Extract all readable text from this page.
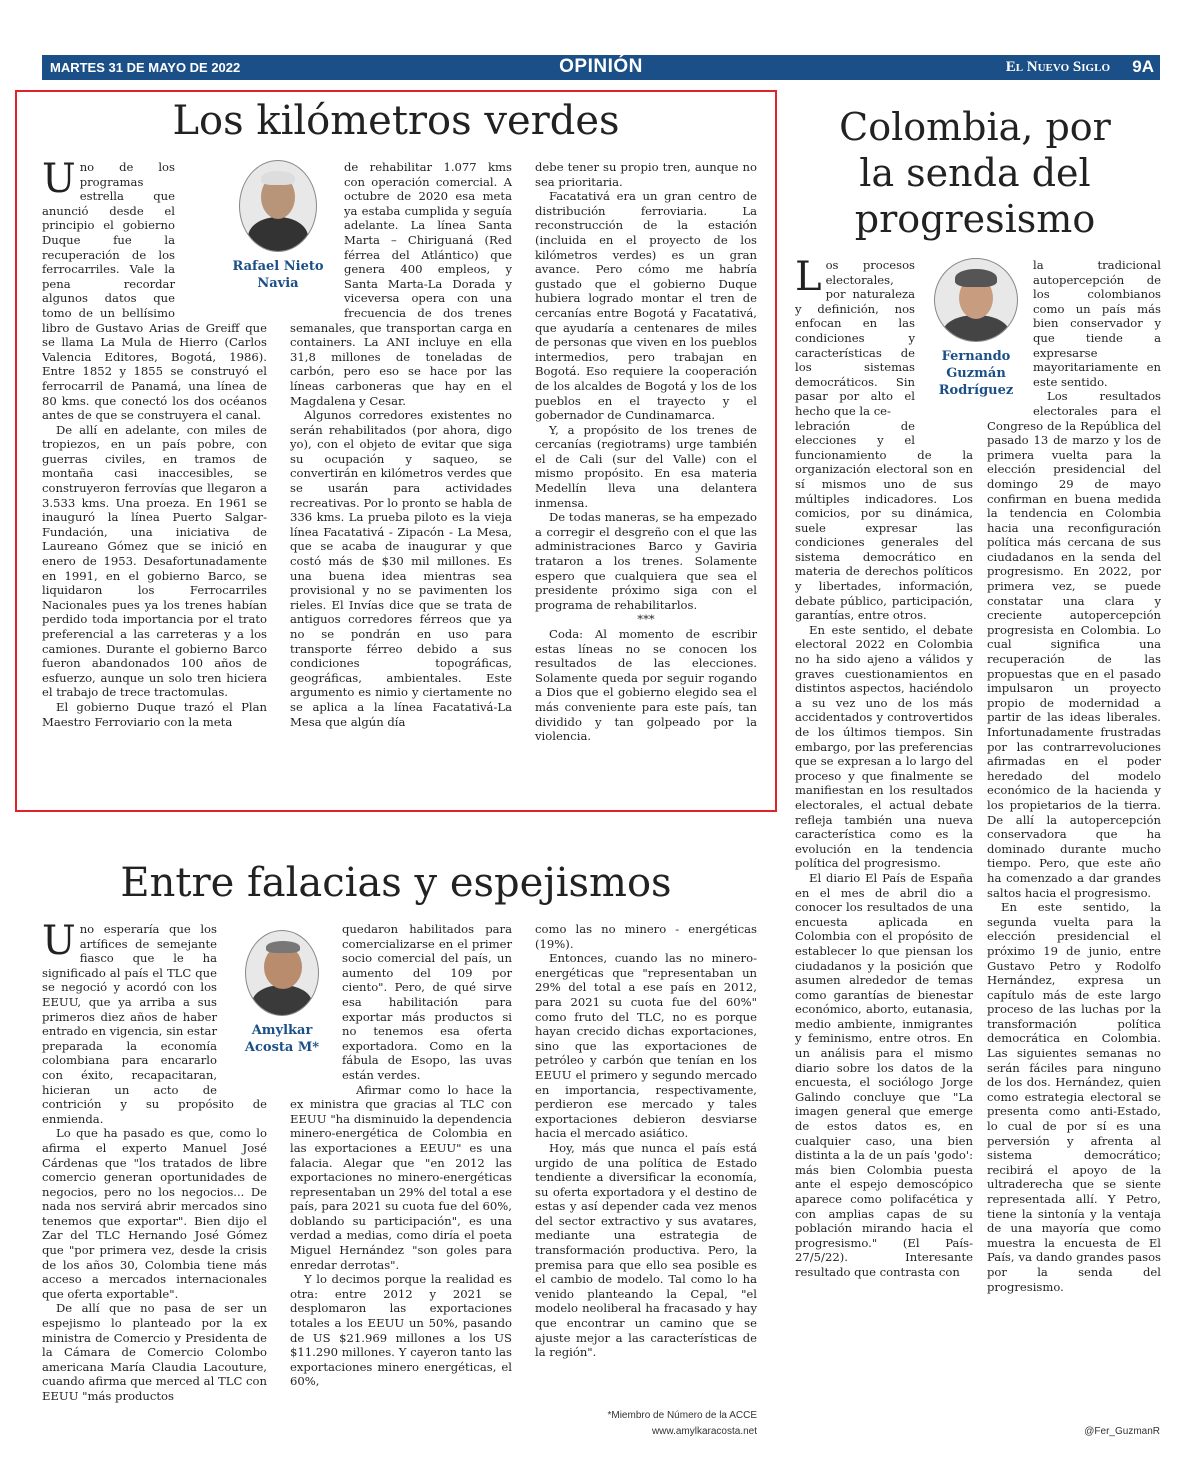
MARTES 31 DE MAYO DE 2022	OPINIÓN	El Nuevo Siglo 9A
Los kilómetros verdes

Uno de los programas estrella que anunció desde el principio el gobierno Duque fue la recuperación de los ferrocarriles. Vale la pena recordar algunos datos que tomo de un bellísimo libro de Gustavo Arias de Greiff que se llama La Mula de Hierro (Carlos Valencia Editores, Bogotá, 1986). Entre 1852 y 1855 se construyó el ferrocarril de Panamá, una línea de 80 kms. que conectó los dos océanos antes de que se construyera el canal.

De allí en adelante, con miles de tropiezos, en un país pobre, con guerras civiles, en tramos de montaña casi inaccesibles, se construyeron ferrovías que llegaron a 3.533 kms. Una proeza. En 1961 se inauguró la línea Puerto Salgar-Fundación, una iniciativa de Laureano Gómez que se inició en enero de 1953. Desafortunadamente en 1991, en el gobierno Barco, se liquidaron los Ferrocarriles Nacionales pues ya los trenes habían perdido toda importancia por el trato preferencial a las carreteras y a los camiones. Durante el gobierno Barco fueron abandonados 100 años de esfuerzo, aunque un solo tren hiciera el trabajo de trece tractomulas.

El gobierno Duque trazó el Plan Maestro Ferroviario con la meta

Rafael Nieto
Navia

de rehabilitar 1.077 kms con operación comercial. A octubre de 2020 esa meta ya estaba cumplida y seguía adelante. La línea Santa Marta – Chiriguaná (Red férrea del Atlántico) que genera 400 empleos, y Santa Marta-La Dorada y viceversa opera con una frecuencia de dos trenes semanales, que transportan carga en containers. La ANI incluye en ella 31,8 millones de toneladas de carbón, pero eso se hace por las líneas carboneras que hay en el Magdalena y Cesar.

Algunos corredores existentes no serán rehabilitados (por ahora, digo yo), con el objeto de evitar que siga su ocupación y saqueo, se convertirán en kilómetros verdes que se usarán para actividades recreativas. Por lo pronto se habla de 336 kms. La prueba piloto es la vieja línea Facatativá - Zipacón - La Mesa, que se acaba de inaugurar y que costó más de $30 mil millones. Es una buena idea mientras sea provisional y no se pavimenten los rieles. El Invías dice que se trata de antiguos corredores férreos que ya no se pondrán en uso para transporte férreo debido a sus condiciones topográficas, geográficas, ambientales. Este argumento es nimio y ciertamente no se aplica a la línea Facatativá-La Mesa que algún día

debe tener su propio tren, aunque no sea prioritaria.

Facatativá era un gran centro de distribución ferroviaria. La reconstrucción de la estación (incluida en el proyecto de los kilómetros verdes) es un gran avance. Pero cómo me habría gustado que el gobierno Duque hubiera logrado montar el tren de cercanías entre Bogotá y Facatativá, que ayudaría a centenares de miles de personas que viven en los pueblos intermedios, pero trabajan en Bogotá. Eso requiere la cooperación de los alcaldes de Bogotá y los de los pueblos en el trayecto y el gobernador de Cundinamarca.

Y, a propósito de los trenes de cercanías (regiotrams) urge también el de Cali (sur del Valle) con el mismo propósito. En esa materia Medellín lleva una delantera inmensa.

De todas maneras, se ha empezado a corregir el desgreño con el que las administraciones Barco y Gaviria trataron a los trenes. Solamente espero que cualquiera que sea el presidente próximo siga con el programa de rehabilitarlos.

***

Coda: Al momento de escribir estas líneas no se conocen los resultados de las elecciones. Solamente queda por seguir rogando a Dios que el gobierno elegido sea el más conveniente para este país, tan dividido y tan golpeado por la violencia.

Colombia, por
la senda del
progresismo
Fernando
Guzmán
Rodríguez

Los procesos electorales, por naturaleza y definición, nos enfocan en las condiciones y características de los sistemas democráticos. Sin pasar por alto el hecho que la ce-

lebración de elecciones y el funcionamiento de la organización electoral son en sí mismos uno de sus múltiples indicadores. Los comicios, por su dinámica, suele expresar las condiciones generales del sistema democrático en materia de derechos políticos y libertades, información, debate público, participación, garantías, entre otros.

En este sentido, el debate electoral 2022 en Colombia no ha sido ajeno a válidos y graves cuestionamientos en distintos aspectos, haciéndolo a su vez uno de los más accidentados y controvertidos de los últimos tiempos. Sin embargo, por las preferencias que se expresan a lo largo del proceso y que finalmente se manifiestan en los resultados electorales, el actual debate refleja también una nueva característica como es la evolución en la tendencia política del progresismo.

El diario El País de España en el mes de abril dio a conocer los resultados de una encuesta aplicada en Colombia con el propósito de establecer lo que piensan los ciudadanos y la posición que asumen alrededor de temas como garantías de bienestar económico, aborto, eutanasia, medio ambiente, inmigrantes y feminismo, entre otros. En un análisis para el mismo diario sobre los datos de la encuesta, el sociólogo Jorge Galindo concluye que "La imagen general que emerge de estos datos es, en cualquier caso, una bien distinta a la de un país 'godo': más bien Colombia puesta ante el espejo demoscópico aparece como polifacética y con amplias capas de su población mirando hacia el progresismo." (El País-27/5/22). Interesante resultado que contrasta con

la tradicional autopercepción de los colombianos como un país más bien conservador y que tiende a expresarse mayoritariamente en este sentido.

Los resultados electorales para el Congreso de la República del pasado 13 de marzo y los de primera vuelta para la elección presidencial del domingo 29 de mayo confirman en buena medida la tendencia en Colombia hacia una reconfiguración política más cercana de sus ciudadanos en la senda del progresismo. En 2022, por primera vez, se puede constatar una clara y creciente autopercepción progresista en Colombia. Lo cual significa una recuperación de las propuestas que en el pasado impulsaron un proyecto propio de modernidad a partir de las ideas liberales. Infortunadamente frustradas por las contrarrevoluciones afirmadas en el poder heredado del modelo económico de la hacienda y los propietarios de la tierra. De allí la autopercepción conservadora que ha dominado durante mucho tiempo. Pero, que este año ha comenzado a dar grandes saltos hacia el progresismo.

En este sentido, la segunda vuelta para la elección presidencial el próximo 19 de junio, entre Gustavo Petro y Rodolfo Hernández, expresa un capítulo más de este largo proceso de las luchas por la transformación política democrática en Colombia. Las siguientes semanas no serán fáciles para ninguno de los dos. Hernández, quien como estrategia electoral se presenta como anti-Estado, lo cual de por sí es una perversión y afrenta al sistema democrático; recibirá el apoyo de la ultraderecha que se siente representada allí. Y Petro, tiene la sintonía y la ventaja de una mayoría que como muestra la encuesta de El País, va dando grandes pasos por la senda del progresismo.

@Fer_GuzmanR
Entre falacias y espejismos

Uno esperaría que los artífices de semejante fiasco que le ha significado al país el TLC que se negoció y acordó con los EEUU, que ya arriba a sus primeros diez años de haber entrado en vigencia, sin estar preparada la economía colombiana para encararlo con éxito, recapacitaran, hicieran un acto de contrición y su propósito de enmienda.

Lo que ha pasado es que, como lo afirma el experto Manuel José Cárdenas que "los tratados de libre comercio generan oportunidades de negocios, pero no los negocios... De nada nos servirá abrir mercados sino tenemos que exportar". Bien dijo el Zar del TLC Hernando José Gómez que "por primera vez, desde la crisis de los años 30, Colombia tiene más acceso a mercados internacionales que oferta exportable".

De allí que no pasa de ser un espejismo lo planteado por la ex ministra de Comercio y Presidenta de la Cámara de Comercio Colombo americana María Claudia Lacouture, cuando afirma que merced al TLC con EEUU "más productos

Amylkar
Acosta M*

quedaron habilitados para comercializarse en el primer socio comercial del país, un aumento del 109 por ciento". Pero, de qué sirve esa habilitación para exportar más productos si no tenemos esa oferta exportadora. Como en la fábula de Esopo, las uvas están verdes.

Afirmar como lo hace la ex ministra que gracias al TLC con EEUU "ha disminuido la dependencia minero-energética de Colombia en las exportaciones a EEUU" es una falacia. Alegar que "en 2012 las exportaciones no minero-energéticas representaban un 29% del total a ese país, para 2021 su cuota fue del 60%, doblando su participación", es una verdad a medias, como diría el poeta Miguel Hernández "son goles para enredar derrotas".

Y lo decimos porque la realidad es otra: entre 2012 y 2021 se desplomaron las exportaciones totales a los EEUU un 50%, pasando de US $21.969 millones a los US $11.290 millones. Y cayeron tanto las exportaciones minero energéticas, el 60%,

como las no minero - energéticas (19%).

Entonces, cuando las no minero-energéticas que "representaban un 29% del total a ese país en 2012, para 2021 su cuota fue del 60%" como fruto del TLC, no es porque hayan crecido dichas exportaciones, sino que las exportaciones de petróleo y carbón que tenían en los EEUU el primero y segundo mercado en importancia, respectivamente, perdieron ese mercado y tales exportaciones debieron desviarse hacia el mercado asiático.

Hoy, más que nunca el país está urgido de una política de Estado tendiente a diversificar la economía, su oferta exportadora y el destino de estas y así depender cada vez menos del sector extractivo y sus avatares, mediante una estrategia de transformación productiva. Pero, la premisa para que ello sea posible es el cambio de modelo. Tal como lo ha venido planteando la Cepal, "el modelo neoliberal ha fracasado y hay que encontrar un camino que se ajuste mejor a las características de la región".

*Miembro de Número de la ACCE
www.amylkaracosta.net
